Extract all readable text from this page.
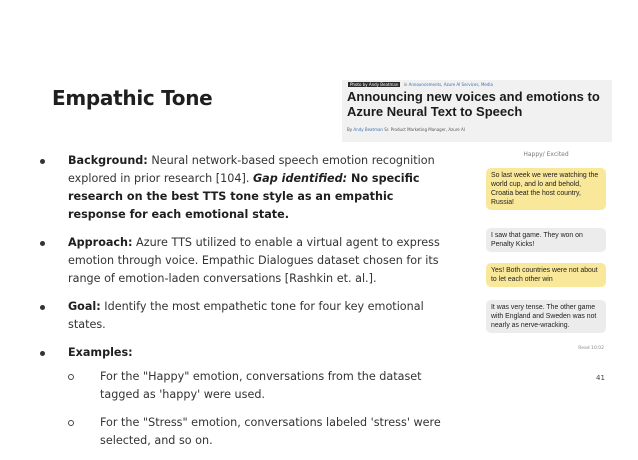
Empathic Tone
Photo by Andy Beatman in Announcements, Azure AI Services, Media
Announcing new voices and emotions to Azure Neural Text to Speech
By Andy Beatman Sr. Product Marketing Manager, Azure AI
Background: Neural network-based speech emotion recognition explored in prior research [104]. Gap identified: No specific research on the best TTS tone style as an empathic response for each emotional state.
Approach: Azure TTS utilized to enable a virtual agent to express emotion through voice. Empathic Dialogues dataset chosen for its range of emotion-laden conversations [Rashkin et. al.].
Goal: Identify the most empathetic tone for four key emotional states.
Examples:
For the "Happy" emotion, conversations from the dataset tagged as 'happy' were used.
For the "Stress" emotion, conversations labeled 'stress' were selected, and so on.
Happy/ Excited
So last week we were watching the world cup, and lo and behold, Croatia beat the host country, Russia!
I saw that game. They won on Penalty Kicks!
Yes! Both countries were not about to let each other win
It was very tense. The other game with England and Sweden was not nearly as nerve-wracking.
Read 10:02
41
